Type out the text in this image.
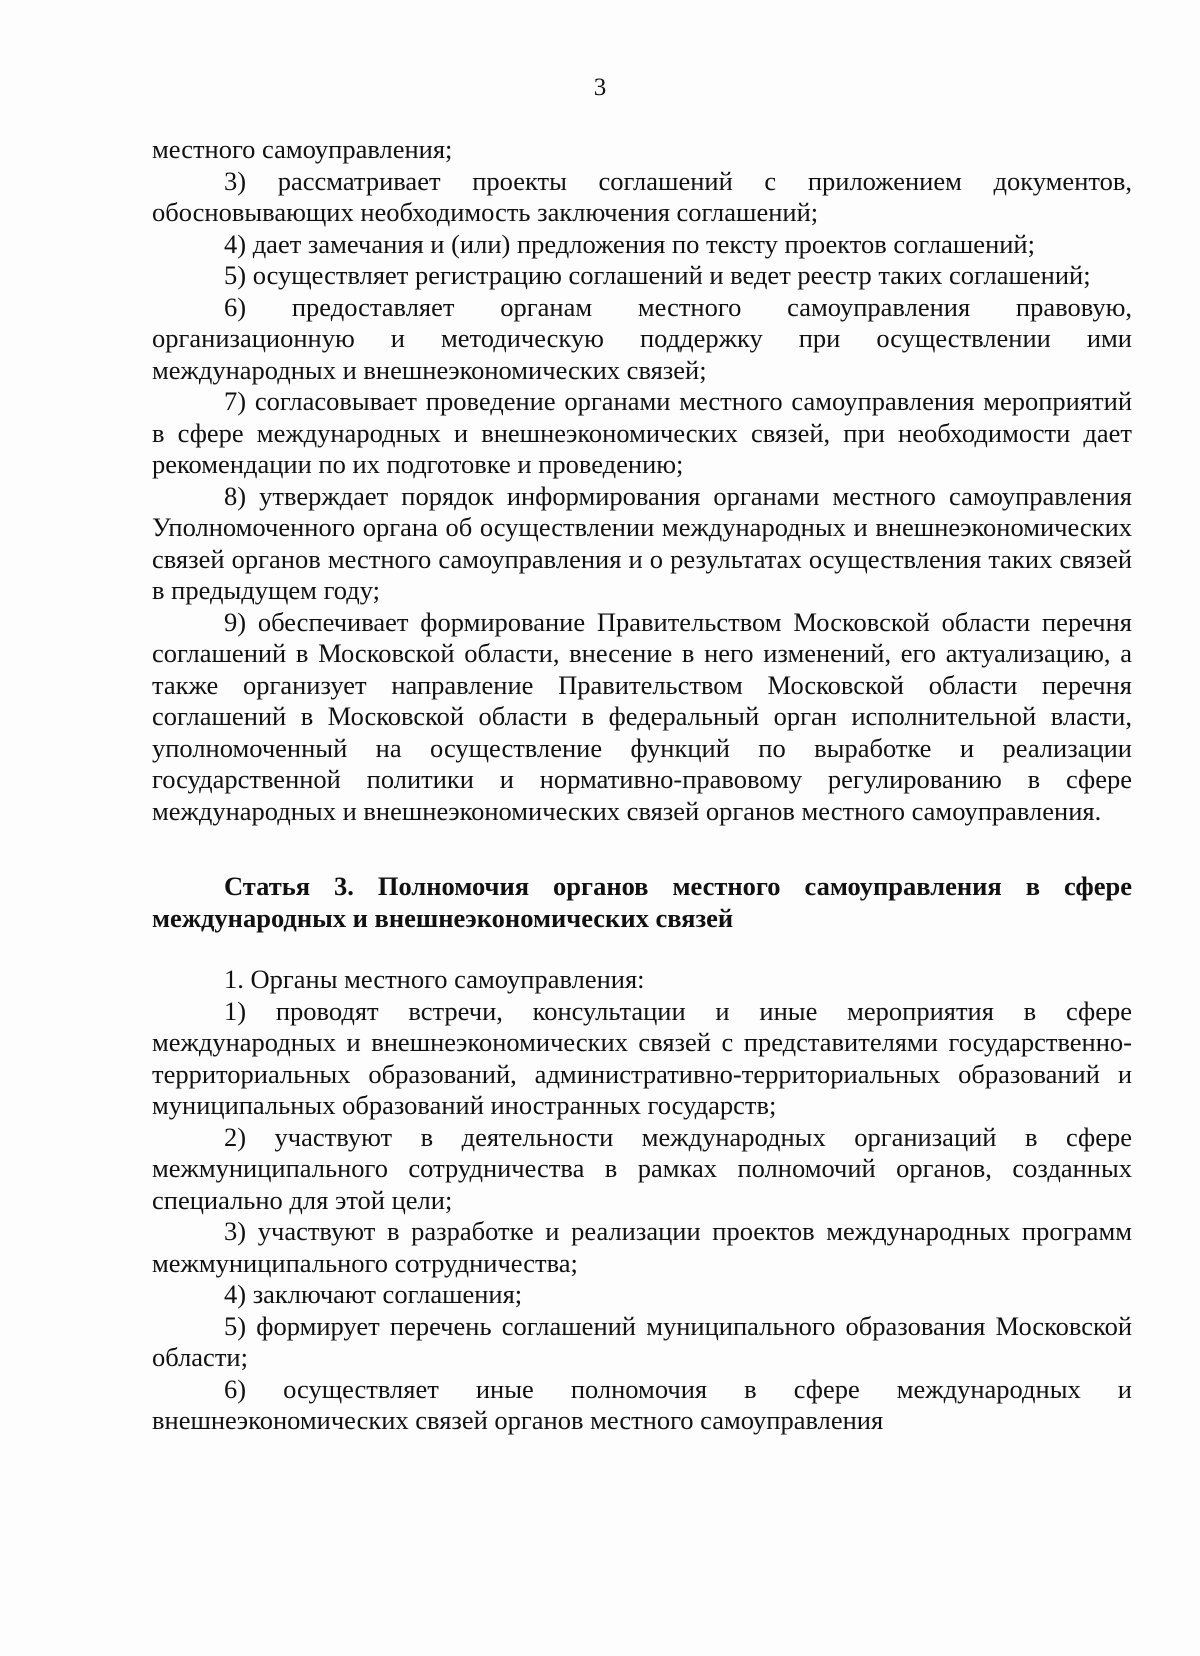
3

местного самоуправления;

3) рассматривает проекты соглашений с приложением документов, обосновывающих необходимость заключения соглашений;

4) дает замечания и (или) предложения по тексту проектов соглашений;

5) осуществляет регистрацию соглашений и ведет реестр таких соглашений;

6) предоставляет органам местного самоуправления правовую, организационную и методическую поддержку при осуществлении ими международных и внешнеэкономических связей;

7) согласовывает проведение органами местного самоуправления мероприятий в сфере международных и внешнеэкономических связей, при необходимости дает рекомендации по их подготовке и проведению;

8) утверждает порядок информирования органами местного самоуправления Уполномоченного органа об осуществлении международных и внешнеэкономических связей органов местного самоуправления и о результатах осуществления таких связей в предыдущем году;

9) обеспечивает формирование Правительством Московской области перечня соглашений в Московской области, внесение в него изменений, его актуализацию, а также организует направление Правительством Московской области перечня соглашений в Московской области в федеральный орган исполнительной власти, уполномоченный на осуществление функций по выработке и реализации государственной политики и нормативно-правовому регулированию в сфере международных и внешнеэкономических связей органов местного самоуправления.

Статья 3. Полномочия органов местного самоуправления в сфере международных и внешнеэкономических связей

1. Органы местного самоуправления:

1) проводят встречи, консультации и иные мероприятия в сфере международных и внешнеэкономических связей с представителями государственно-территориальных образований, административно-территориальных образований и муниципальных образований иностранных государств;

2) участвуют в деятельности международных организаций в сфере межмуниципального сотрудничества в рамках полномочий органов, созданных специально для этой цели;

3) участвуют в разработке и реализации проектов международных программ межмуниципального сотрудничества;

4) заключают соглашения;

5) формирует перечень соглашений муниципального образования Московской области;

6) осуществляет иные полномочия в сфере международных и внешнеэкономических связей органов местного самоуправления
